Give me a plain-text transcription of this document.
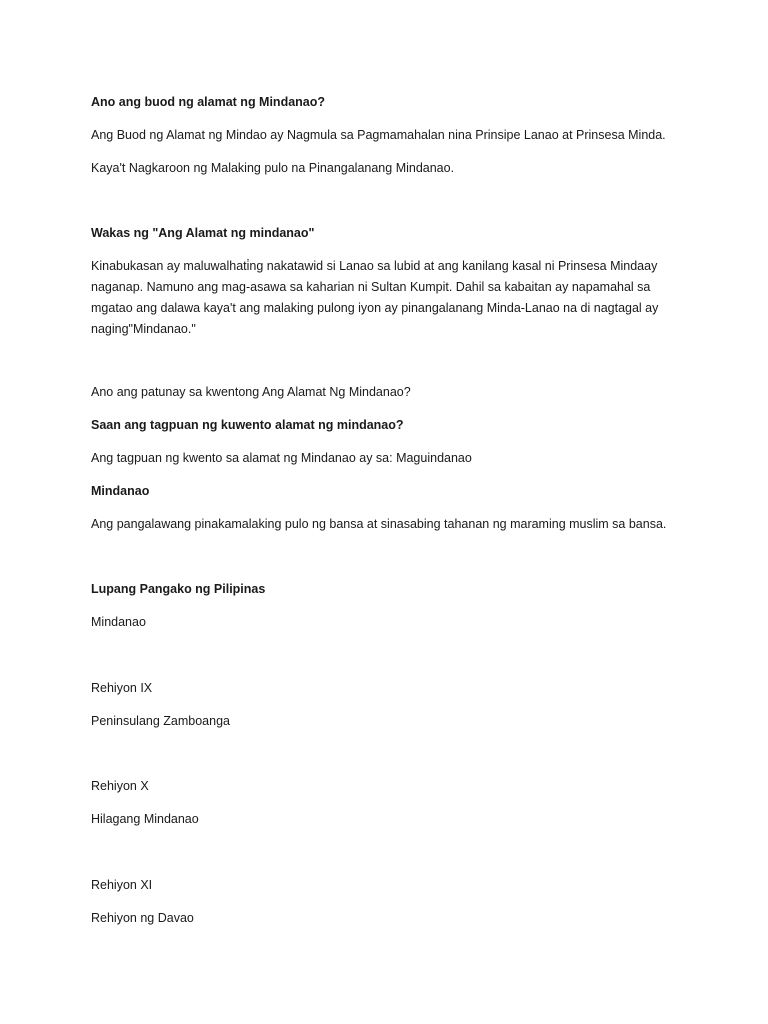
Ano ang buod ng alamat ng Mindanao?

Ang Buod ng Alamat ng Mindao ay Nagmula sa Pagmamahalan nina Prinsipe Lanao at Prinsesa Minda.

Kaya't Nagkaroon ng Malaking pulo na Pinangalanang Mindanao.

Wakas ng "Ang Alamat ng mindanao"

Kinabukasan ay maluwalhati̇ng nakatawid si Lanao sa lubid at ang kanilang kasal ni Prinsesa Mindaay

naganap. Namuno ang mag-asawa sa kaharian ni Sultan Kumpit. Dahil sa kabaitan ay napamahal sa

mgatao ang dalawa kaya't ang malaking pulong iyon ay pinangalanang Minda-Lanao na di nagtagal ay

naging"Mindanao."

Ano ang patunay sa kwentong Ang Alamat Ng Mindanao?

Saan ang tagpuan ng kuwento alamat ng mindanao?

Ang tagpuan ng kwento sa alamat ng Mindanao ay sa: Maguindanao

Mindanao

Ang pangalawang pinakamalaking pulo ng bansa at sinasabing tahanan ng maraming muslim sa bansa.

Lupang Pangako ng Pilipinas

Mindanao

Rehiyon IX

Peninsulang Zamboanga

Rehiyon X

Hilagang Mindanao

Rehiyon XI

Rehiyon ng Davao
